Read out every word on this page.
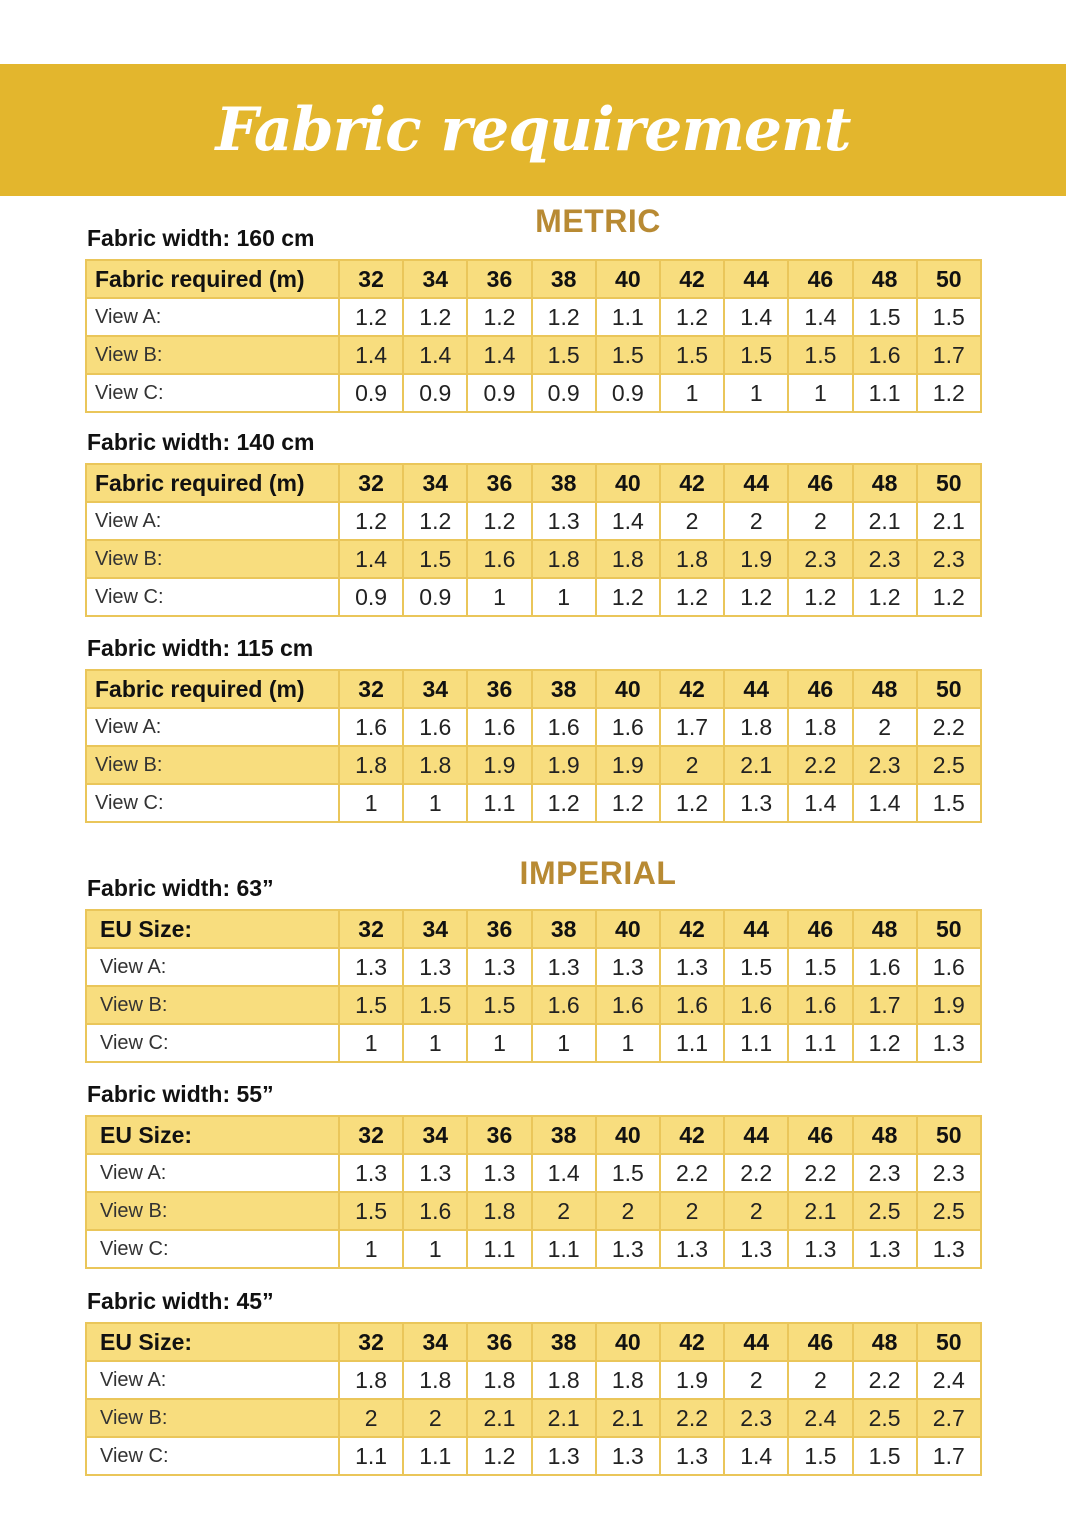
Fabric requirement
METRIC
IMPERIAL
Fabric width: 160 cm
Fabric width: 140 cm
Fabric width: 115 cm
Fabric width: 63”
Fabric width: 55”
Fabric width: 45”
Fabric required (m)	32	34	36	38	40	42	44	46	48	50
View A:	1.2	1.2	1.2	1.2	1.1	1.2	1.4	1.4	1.5	1.5
View B:	1.4	1.4	1.4	1.5	1.5	1.5	1.5	1.5	1.6	1.7
View C:	0.9	0.9	0.9	0.9	0.9	1	1	1	1.1	1.2
Fabric required (m)	32	34	36	38	40	42	44	46	48	50
View A:	1.2	1.2	1.2	1.3	1.4	2	2	2	2.1	2.1
View B:	1.4	1.5	1.6	1.8	1.8	1.8	1.9	2.3	2.3	2.3
View C:	0.9	0.9	1	1	1.2	1.2	1.2	1.2	1.2	1.2
Fabric required (m)	32	34	36	38	40	42	44	46	48	50
View A:	1.6	1.6	1.6	1.6	1.6	1.7	1.8	1.8	2	2.2
View B:	1.8	1.8	1.9	1.9	1.9	2	2.1	2.2	2.3	2.5
View C:	1	1	1.1	1.2	1.2	1.2	1.3	1.4	1.4	1.5
EU Size:	32	34	36	38	40	42	44	46	48	50
View A:	1.3	1.3	1.3	1.3	1.3	1.3	1.5	1.5	1.6	1.6
View B:	1.5	1.5	1.5	1.6	1.6	1.6	1.6	1.6	1.7	1.9
View C:	1	1	1	1	1	1.1	1.1	1.1	1.2	1.3
EU Size:	32	34	36	38	40	42	44	46	48	50
View A:	1.3	1.3	1.3	1.4	1.5	2.2	2.2	2.2	2.3	2.3
View B:	1.5	1.6	1.8	2	2	2	2	2.1	2.5	2.5
View C:	1	1	1.1	1.1	1.3	1.3	1.3	1.3	1.3	1.3
EU Size:	32	34	36	38	40	42	44	46	48	50
View A:	1.8	1.8	1.8	1.8	1.8	1.9	2	2	2.2	2.4
View B:	2	2	2.1	2.1	2.1	2.2	2.3	2.4	2.5	2.7
View C:	1.1	1.1	1.2	1.3	1.3	1.3	1.4	1.5	1.5	1.7
